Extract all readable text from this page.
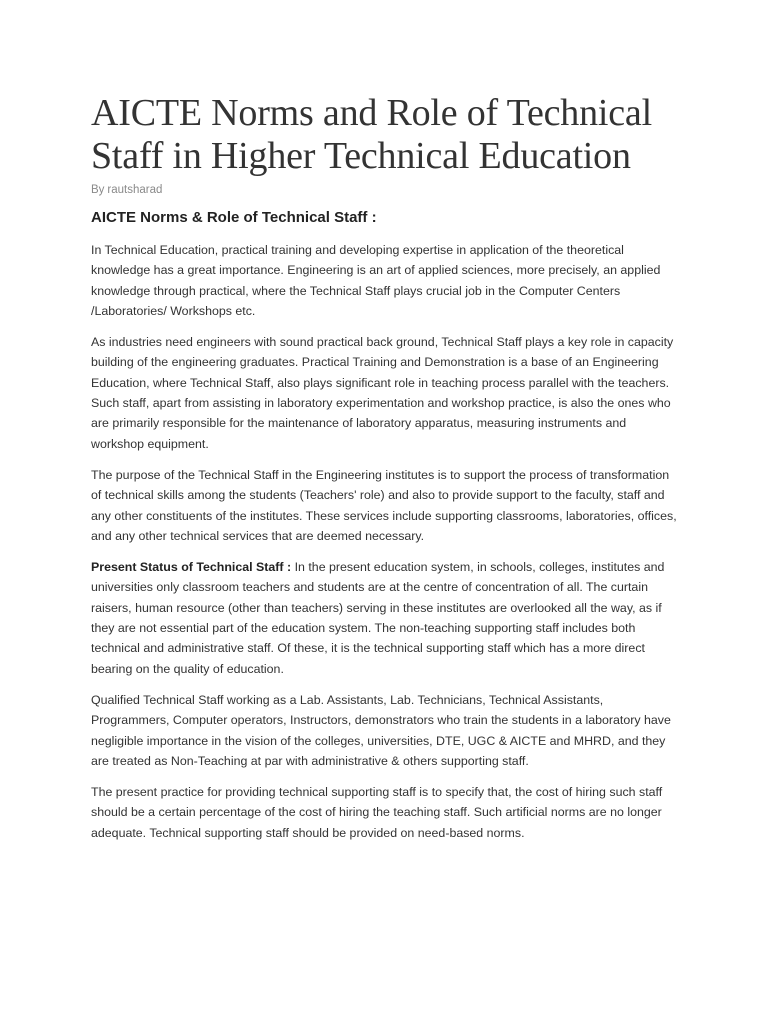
AICTE Norms and Role of Technical Staff in Higher Technical Education
By rautsharad
AICTE Norms & Role of Technical Staff :

In Technical Education, practical training and developing expertise in application of the theoretical knowledge has a great importance. Engineering is an art of applied sciences, more precisely, an applied knowledge through practical, where the Technical Staff plays crucial job in the Computer Centers /Laboratories/ Workshops etc.

As industries need engineers with sound practical back ground, Technical Staff plays a key role in capacity building of the engineering graduates. Practical Training and Demonstration is a base of an Engineering Education, where Technical Staff, also plays significant role in teaching process parallel with the teachers. Such staff, apart from assisting in laboratory experimentation and workshop practice, is also the ones who are primarily responsible for the maintenance of laboratory apparatus, measuring instruments and workshop equipment.

The purpose of the Technical Staff in the Engineering institutes is to support the process of transformation of technical skills among the students (Teachers' role) and also to provide support to the faculty, staff and any other constituents of the institutes. These services include supporting classrooms, laboratories, offices, and any other technical services that are deemed necessary.

Present Status of Technical Staff : In the present education system, in schools, colleges, institutes and universities only classroom teachers and students are at the centre of concentration of all. The curtain raisers, human resource (other than teachers) serving in these institutes are overlooked all the way, as if they are not essential part of the education system. The non-teaching supporting staff includes both technical and administrative staff. Of these, it is the technical supporting staff which has a more direct bearing on the quality of education.

Qualified Technical Staff working as a Lab. Assistants, Lab. Technicians, Technical Assistants, Programmers, Computer operators, Instructors, demonstrators who train the students in a laboratory have negligible importance in the vision of the colleges, universities, DTE, UGC & AICTE and MHRD, and they are treated as Non-Teaching at par with administrative & others supporting staff.

The present practice for providing technical supporting staff is to specify that, the cost of hiring such staff should be a certain percentage of the cost of hiring the teaching staff. Such artificial norms are no longer adequate. Technical supporting staff should be provided on need-based norms.
